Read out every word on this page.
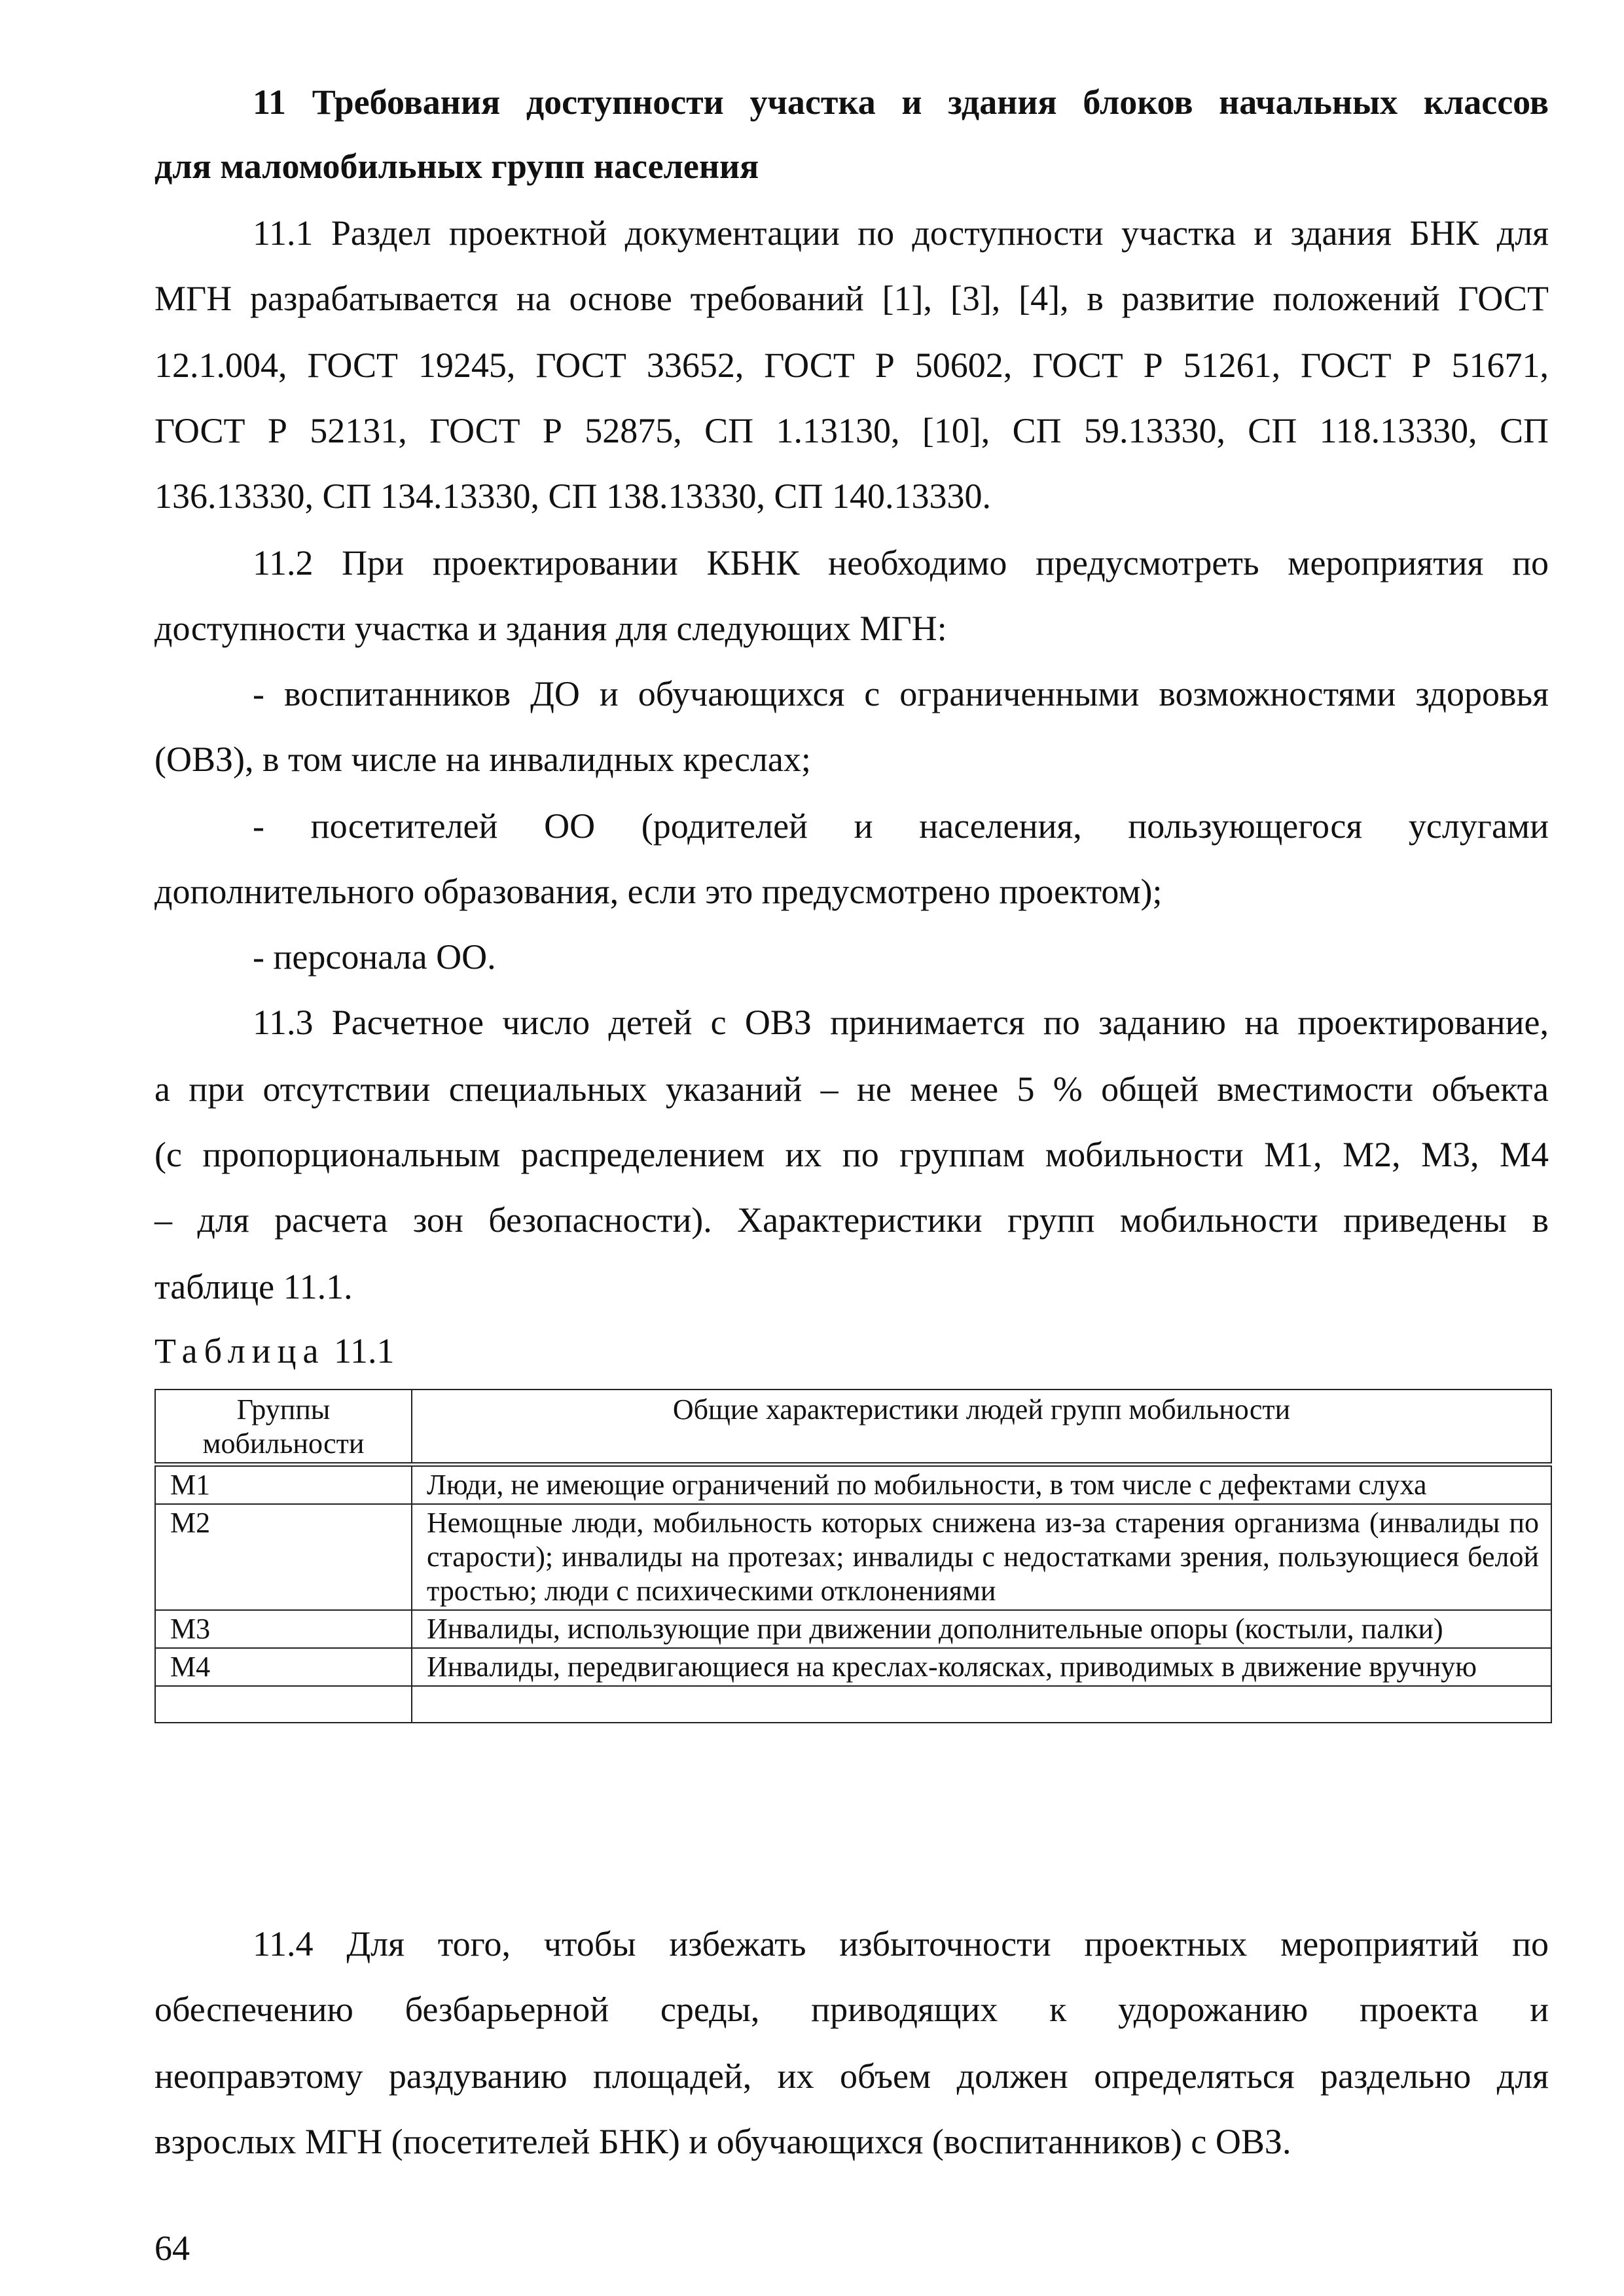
11 Требования доступности участка и здания блоков начальных классов
для маломобильных групп населения
11.1 Раздел проектной документации по доступности участка и здания БНК для
МГН разрабатывается на основе требований [1], [3], [4], в развитие положений ГОСТ
12.1.004, ГОСТ 19245, ГОСТ 33652, ГОСТ Р 50602, ГОСТ Р 51261, ГОСТ Р 51671,
ГОСТ Р 52131, ГОСТ Р 52875, СП 1.13130, [10], СП 59.13330, СП 118.13330, СП
136.13330, СП 134.13330, СП 138.13330, СП 140.13330.
11.2 При проектировании КБНК необходимо предусмотреть мероприятия по
доступности участка и здания для следующих МГН:
- воспитанников ДО и обучающихся с ограниченными возможностями здоровья
(ОВЗ), в том числе на инвалидных креслах;
- посетителей ОО (родителей и населения, пользующегося услугами
дополнительного образования, если это предусмотрено проектом);
- персонала ОО.
11.3 Расчетное число детей с ОВЗ принимается по заданию на проектирование,
а при отсутствии специальных указаний – не менее 5 % общей вместимости объекта
(с пропорциональным распределением их по группам мобильности М1, М2, М3, М4
– для расчета зон безопасности). Характеристики групп мобильности приведены в
таблице 11.1.
Таблица 11.1
Группы мобильности	Общие характеристики людей групп мобильности
М1	Люди, не имеющие ограничений по мобильности, в том числе с дефектами слуха
М2	Немощные люди, мобильность которых снижена из-за старения организма (инвалиды по старости); инвалиды на протезах; инвалиды с недостатками зрения, пользующиеся белой тростью; люди с психическими отклонениями
М3	Инвалиды, использующие при движении дополнительные опоры (костыли, палки)
М4	Инвалиды, передвигающиеся на креслах-колясках, приводимых в движение вручную

11.4 Для того, чтобы избежать избыточности проектных мероприятий по
обеспечению безбарьерной среды, приводящих к удорожанию проекта и
неоправэтому раздуванию площадей, их объем должен определяться раздельно для
взрослых МГН (посетителей БНК) и обучающихся (воспитанников) с ОВЗ.
64
